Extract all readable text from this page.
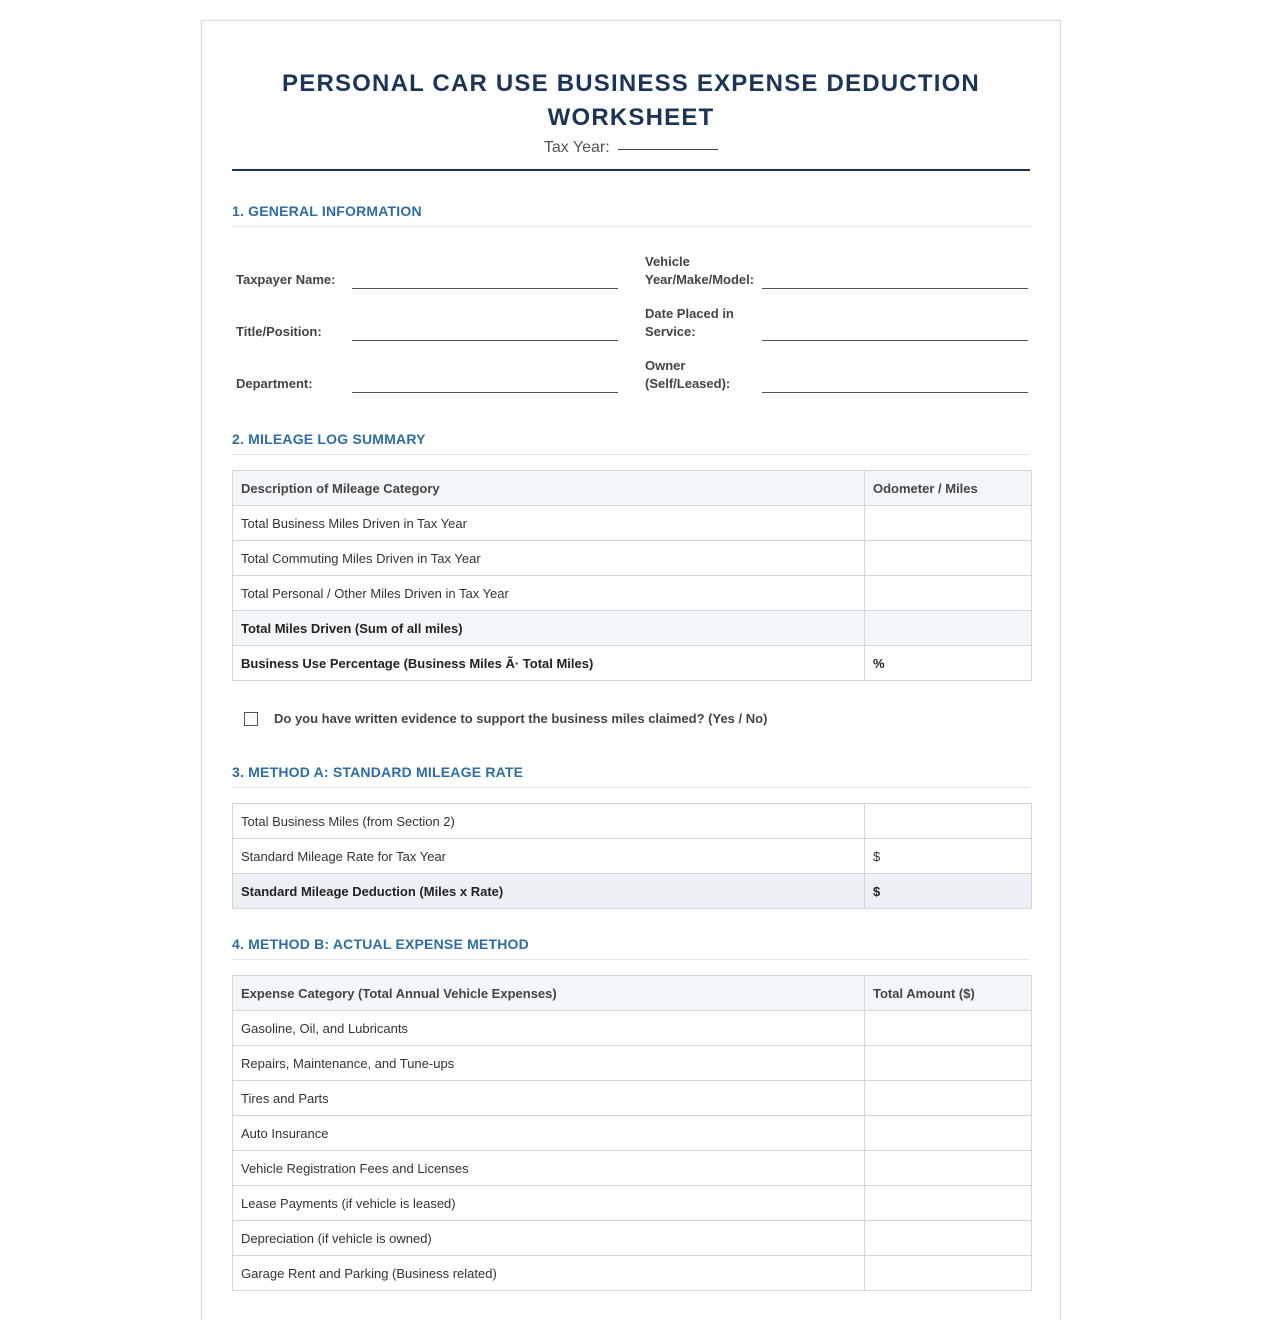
PERSONAL CAR USE BUSINESS EXPENSE DEDUCTION WORKSHEET
Tax Year:
1. GENERAL INFORMATION
Taxpayer Name:
Title/Position:
Department:
Vehicle Year/Make/Model:
Date Placed in Service:
Owner (Self/Leased):
2. MILEAGE LOG SUMMARY
Description of Mileage Category	Odometer / Miles
Total Business Miles Driven in Tax Year	
Total Commuting Miles Driven in Tax Year	
Total Personal / Other Miles Driven in Tax Year	
Total Miles Driven (Sum of all miles)	
Business Use Percentage (Business Miles Ã· Total Miles)	%
Do you have written evidence to support the business miles claimed? (Yes / No)
3. METHOD A: STANDARD MILEAGE RATE
Total Business Miles (from Section 2)	
Standard Mileage Rate for Tax Year	$
Standard Mileage Deduction (Miles x Rate)	$
4. METHOD B: ACTUAL EXPENSE METHOD
Expense Category (Total Annual Vehicle Expenses)	Total Amount ($)
Gasoline, Oil, and Lubricants	
Repairs, Maintenance, and Tune-ups	
Tires and Parts	
Auto Insurance	
Vehicle Registration Fees and Licenses	
Lease Payments (if vehicle is leased)	
Depreciation (if vehicle is owned)	
Garage Rent and Parking (Business related)	
